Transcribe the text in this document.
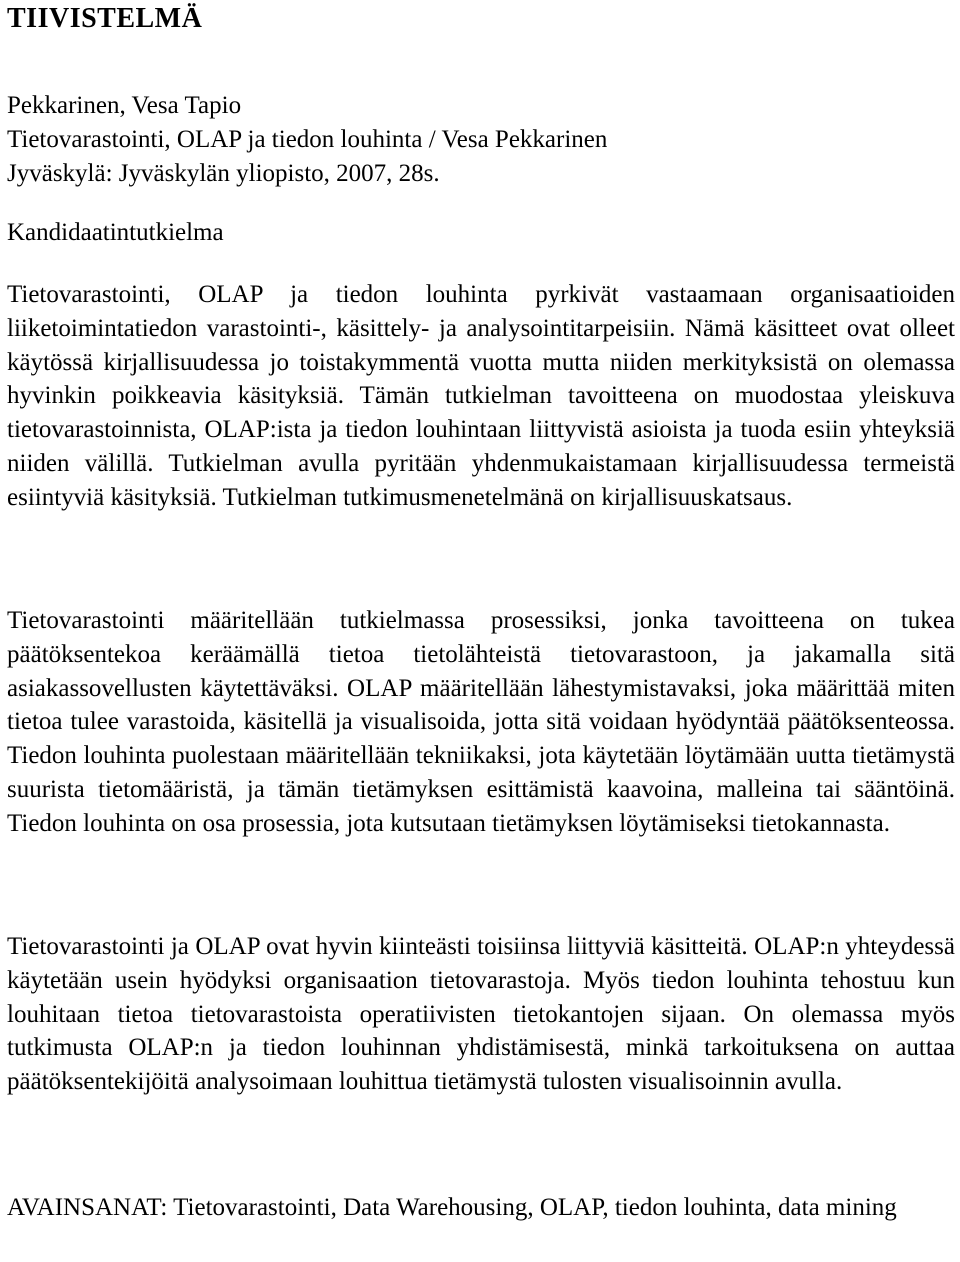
TIIVISTELMÄ
Pekkarinen, Vesa Tapio
Tietovarastointi, OLAP ja tiedon louhinta / Vesa Pekkarinen
Jyväskylä: Jyväskylän yliopisto, 2007, 28s.

Kandidaatintutkielma

Tietovarastointi, OLAP ja tiedon louhinta pyrkivät vastaamaan organisaatioiden liiketoimintatiedon varastointi-, käsittely- ja analysointitarpeisiin. Nämä käsitteet ovat olleet käytössä kirjallisuudessa jo toistakymmentä vuotta mutta niiden merkityksistä on olemassa hyvinkin poikkeavia käsityksiä. Tämän tutkielman tavoitteena on muodostaa yleiskuva tietovarastoinnista, OLAP:ista ja tiedon louhintaan liittyvistä asioista ja tuoda esiin yhteyksiä niiden välillä. Tutkielman avulla pyritään yhdenmukaistamaan kirjallisuudessa termeistä esiintyviä käsityksiä. Tutkielman tutkimusmenetelmänä on kirjallisuuskatsaus.

Tietovarastointi määritellään tutkielmassa prosessiksi, jonka tavoitteena on tukea päätöksentekoa keräämällä tietoa tietolähteistä tietovarastoon, ja jakamalla sitä asiakassovellusten käytettäväksi. OLAP määritellään lähestymistavaksi, joka määrittää miten tietoa tulee varastoida, käsitellä ja visualisoida, jotta sitä voidaan hyödyntää päätöksenteossa. Tiedon louhinta puolestaan määritellään tekniikaksi, jota käytetään löytämään uutta tietämystä suurista tietomääristä, ja tämän tietämyksen esittämistä kaavoina, malleina tai sääntöinä. Tiedon louhinta on osa prosessia, jota kutsutaan tietämyksen löytämiseksi tietokannasta.

Tietovarastointi ja OLAP ovat hyvin kiinteästi toisiinsa liittyviä käsitteitä. OLAP:n yhteydessä käytetään usein hyödyksi organisaation tietovarastoja. Myös tiedon louhinta tehostuu kun louhitaan tietoa tietovarastoista operatiivisten tietokantojen sijaan. On olemassa myös tutkimusta OLAP:n ja tiedon louhinnan yhdistämisestä, minkä tarkoituksena on auttaa päätöksentekijöitä analysoimaan louhittua tietämystä tulosten visualisoinnin avulla.

AVAINSANAT: Tietovarastointi, Data Warehousing, OLAP, tiedon louhinta, data mining
